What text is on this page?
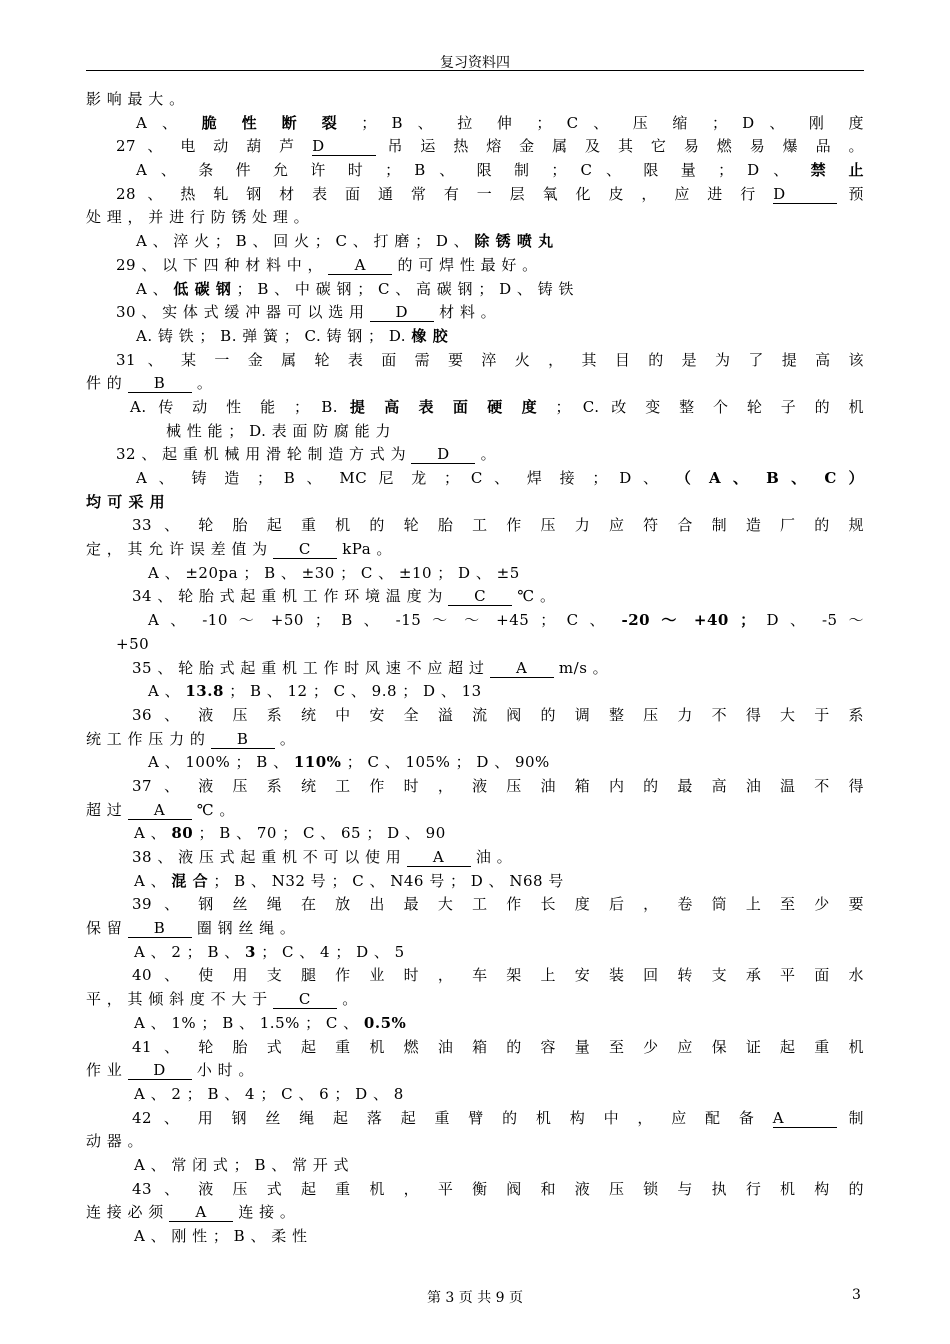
复习资料四
影 响 最 大 。
A 、 脆 性 断 裂 ； B 、 拉 伸 ； C 、 压 缩 ； D 、 刚 度
27 、 电 动 葫 芦 D	吊 运 热 熔 金 属 及 其 它 易 燃 易 爆 品 。
A 、 条 件 允 许 时 ； B 、 限 制 ； C 、 限 量 ； D 、 禁 止
28 、 热 轧 钢 材 表 面 通 常 有 一 层 氧 化 皮 ， 应 进 行 D	预
处 理 ， 并 进 行 防 锈 处 理 。
A 、 淬 火 ； B 、 回 火 ； C 、 打 磨 ； D 、 除 锈 喷 丸
29 、 以 下 四 种 材 料 中 ， A 的 可 焊 性 最 好 。
A 、 低 碳 钢 ； B 、 中 碳 钢 ； C 、 高 碳 钢 ； D 、 铸 铁
30 、 实 体 式 缓 冲 器 可 以 选 用 D 材 料 。
A. 铸 铁 ； B. 弹 簧 ； C. 铸 钢 ； D. 橡 胶
31 、 某 一 金 属 轮 表 面 需 要 淬 火 ， 其 目 的 是 为 了 提 高 该
件 的 B 。
A. 传 动 性 能 ； B. 提 高 表 面 硬 度 ； C. 改 变 整 个 轮 子 的 机
械 性 能 ； D. 表 面 防 腐 能 力
32 、 起 重 机 械 用 滑 轮 制 造 方 式 为 D 。
A 、 铸 造 ； B 、 MC 尼 龙 ； C 、 焊 接 ； D 、 （ A 、 B 、 C ）
均 可 采 用
33 、 轮 胎 起 重 机 的 轮 胎 工 作 压 力 应 符 合 制 造 厂 的 规
定 ， 其 允 许 误 差 值 为 C kPa 。
A 、 ±20pa ； B 、 ±30 ； C 、 ±10 ； D 、 ±5
34 、 轮 胎 式 起 重 机 工 作 环 境 温 度 为 C ℃ 。
A 、 -10 ～ +50 ； B 、 -15 ～ ～ +45 ； C 、 -20 ～ +40 ； D 、 -5 ～
+50
35 、 轮 胎 式 起 重 机 工 作 时 风 速 不 应 超 过 A m/s 。
A 、 13.8 ； B 、 12 ； C 、 9.8 ； D 、 13
36 、 液 压 系 统 中 安 全 溢 流 阀 的 调 整 压 力 不 得 大 于 系
统 工 作 压 力 的 B 。
A 、 100% ； B 、 110% ； C 、 105% ； D 、 90%
37 、 液 压 系 统 工 作 时 ， 液 压 油 箱 内 的 最 高 油 温 不 得
超 过 A ℃ 。
A 、 80 ； B 、 70 ； C 、 65 ； D 、 90
38 、 液 压 式 起 重 机 不 可 以 使 用 A 油 。
A 、 混 合 ； B 、 N32 号 ； C 、 N46 号 ； D 、 N68 号
39 、 钢 丝 绳 在 放 出 最 大 工 作 长 度 后 ， 卷 筒 上 至 少 要
保 留 B 圈 钢 丝 绳 。
A 、 2 ； B 、 3 ； C 、 4 ； D 、 5
40 、 使 用 支 腿 作 业 时 ， 车 架 上 安 装 回 转 支 承 平 面 水
平 ， 其 倾 斜 度 不 大 于 C 。
A 、 1% ； B 、 1.5% ； C 、 0.5%
41 、 轮 胎 式 起 重 机 燃 油 箱 的 容 量 至 少 应 保 证 起 重 机
作 业 D 小 时 。
A 、 2 ； B 、 4 ； C 、 6 ； D 、 8
42 、 用 钢 丝 绳 起 落 起 重 臂 的 机 构 中 ， 应 配 备 A	制
动 器 。
A 、 常 闭 式 ； B 、 常 开 式
43 、 液 压 式 起 重 机 ， 平 衡 阀 和 液 压 锁 与 执 行 机 构 的
连 接 必 须 A 连 接 。
A 、 刚 性 ； B 、 柔 性
第 3 页 共 9 页	3
